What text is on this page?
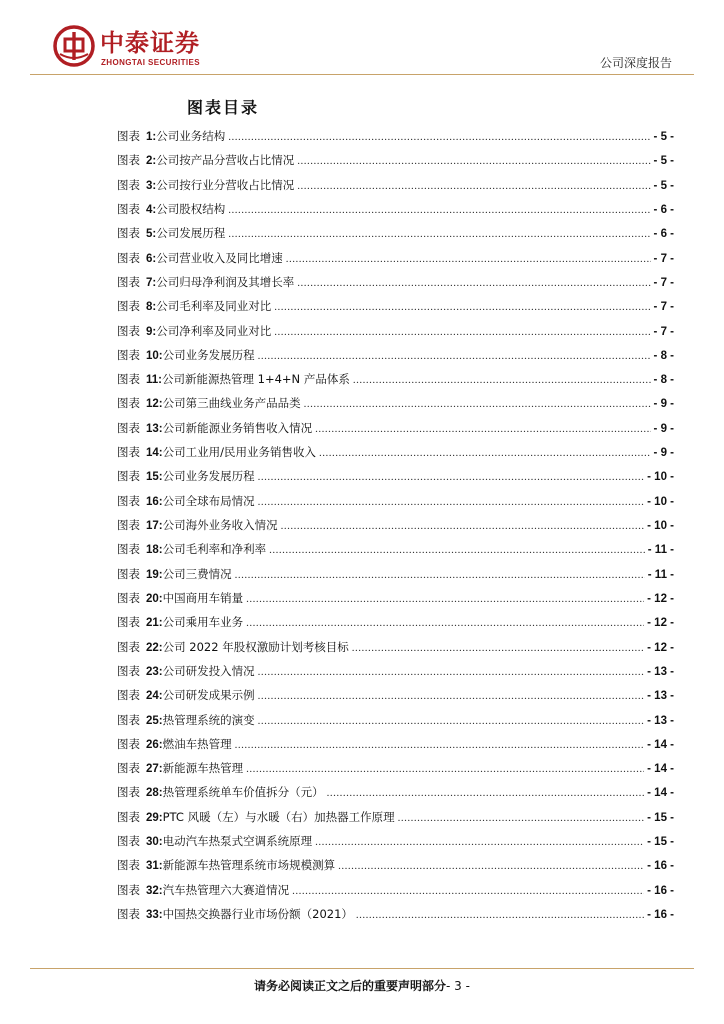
中泰证券
ZHONGTAI SECURITIES	公司深度报告
图表目录
图表 1:公司业务结构 .....	- 5 -
图表 2:公司按产品分营收占比情况 .....	- 5 -
图表 3:公司按行业分营收占比情况 .....	- 5 -
图表 4:公司股权结构 .....	- 6 -
图表 5:公司发展历程 .....	- 6 -
图表 6:公司营业收入及同比增速 .....	- 7 -
图表 7:公司归母净利润及其增长率 .....	- 7 -
图表 8:公司毛利率及同业对比 .....	- 7 -
图表 9:公司净利率及同业对比 .....	- 7 -
图表 10:公司业务发展历程 .....	- 8 -
图表 11:公司新能源热管理 1+4+N 产品体系 .....	- 8 -
图表 12:公司第三曲线业务产品品类 .....	- 9 -
图表 13:公司新能源业务销售收入情况 .....	- 9 -
图表 14:公司工业用/民用业务销售收入 .....	- 9 -
图表 15:公司业务发展历程 .....	- 10 -
图表 16:公司全球布局情况 .....	- 10 -
图表 17:公司海外业务收入情况 .....	- 10 -
图表 18:公司毛利率和净利率 .....	- 11 -
图表 19:公司三费情况 .....	- 11 -
图表 20:中国商用车销量 .....	- 12 -
图表 21:公司乘用车业务 .....	- 12 -
图表 22:公司 2022 年股权激励计划考核目标 .....	- 12 -
图表 23:公司研发投入情况 .....	- 13 -
图表 24:公司研发成果示例 .....	- 13 -
图表 25:热管理系统的演变 .....	- 13 -
图表 26:燃油车热管理 .....	- 14 -
图表 27:新能源车热管理 .....	- 14 -
图表 28:热管理系统单车价值拆分（元） .....	- 14 -
图表 29:PTC 风暖（左）与水暖（右）加热器工作原理 .....	- 15 -
图表 30:电动汽车热泵式空调系统原理 .....	- 15 -
图表 31:新能源车热管理系统市场规模测算 .....	- 16 -
图表 32:汽车热管理六大赛道情况 .....	- 16 -
图表 33:中国热交换器行业市场份额（2021） .....	- 16 -
请务必阅读正文之后的重要声明部分- 3 -
